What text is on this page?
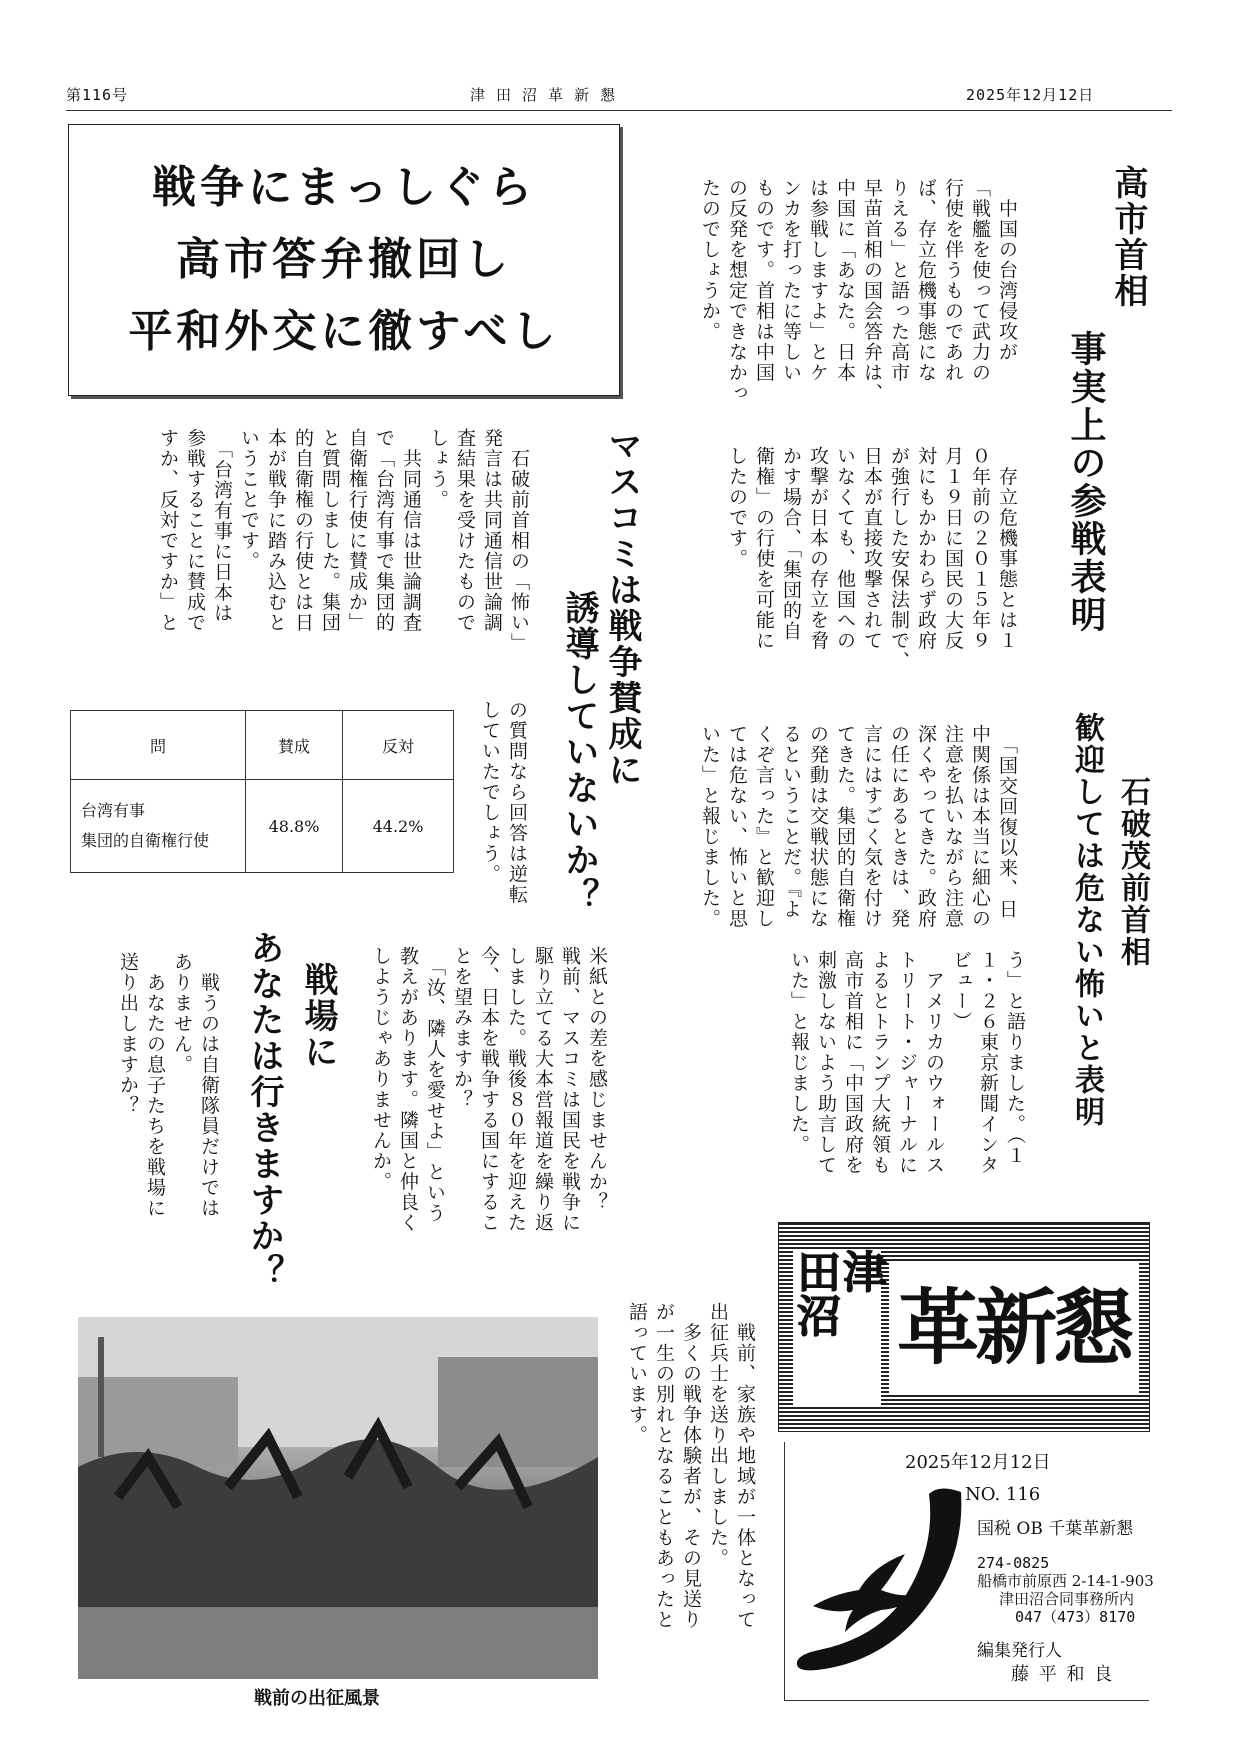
第116号	津 田 沼 革 新 懇	2025年12月12日
戦争にまっしぐら
高市答弁撤回し
平和外交に徹すべし
高市首相
事実上の参戦表明
　中国の台湾侵攻が
「戦艦を使って武力の
行使を伴うものであれ
ば、存立危機事態にな
りえる」と語った高市
早苗首相の国会答弁は、
中国に「あなた。日本
は参戦しますよ」とケ
ンカを打ったに等しい
ものです。首相は中国
の反発を想定できなかっ
たのでしょうか。
　存立危機事態とは１
０年前の２０１５年９
月１９日に国民の大反
対にもかかわらず政府
が強行した安保法制で、
日本が直接攻撃されて
いなくても、他国への
攻撃が日本の存立を脅
かす場合、「集団的自
衛権」の行使を可能に
したのです。
石破茂前首相
歓迎しては危ない怖いと表明
　「国交回復以来、日
中関係は本当に細心の
注意を払いながら注意
深くやってきた。政府
の任にあるときは、発
言にはすごく気を付け
てきた。集団的自衛権
の発動は交戦状態にな
るということだ。『よ
くぞ言った』と歓迎し
ては危ない、怖いと思
いた」と報じました。
う」と語りました。（１
１・２６東京新聞インタ
ビュー）
　アメリカのウォールス
トリート・ジャーナルに
よるとトランプ大統領も
高市首相に「中国政府を
刺激しないよう助言して
いた」と報じました。
マスコミは戦争賛成に
誘導していないか？
　石破前首相の「怖い」
発言は共同通信世論調
査結果を受けたもので
しょう。
　共同通信は世論調査
で「台湾有事で集団的
自衛権行使に賛成か」
と質問しました。集団
的自衛権の行使とは日
本が戦争に踏み込むと
いうことです。
　「台湾有事に日本は
参戦することに賛成で
すか、反対ですか」と
の質問なら回答は逆転
していたでしょう。
問	賛成	反対

台湾有事
集団的自衛権行使	48.8%	44.2%
戦場に
あなたは行きますか？	米紙との差を感じませんか？
戦前、マスコミは国民を戦争に
駆り立てる大本営報道を繰り返
しました。戦後８０年を迎えた
今、日本を戦争する国にするこ
とを望みますか？
　「汝、隣人を愛せよ」という
教えがあります。隣国と仲良く
しようじゃありませんか。
　戦うのは自衛隊員だけでは
ありません。
　あなたの息子たちを戦場に
送り出しますか？
戦前の出征風景
　戦前、家族や地域が一体となって
出征兵士を送り出しました。
　多くの戦争体験者が、その見送り
が一生の別れとなることもあったと
語っています。
津
田沼 革新懇
2025年12月12日
NO. 116
国税 OB 千葉革新懇
274-0825
船橋市前原西 2-14-1-903
津田沼合同事務所内
047（473）8170
編集発行人
藤 平 和 良
